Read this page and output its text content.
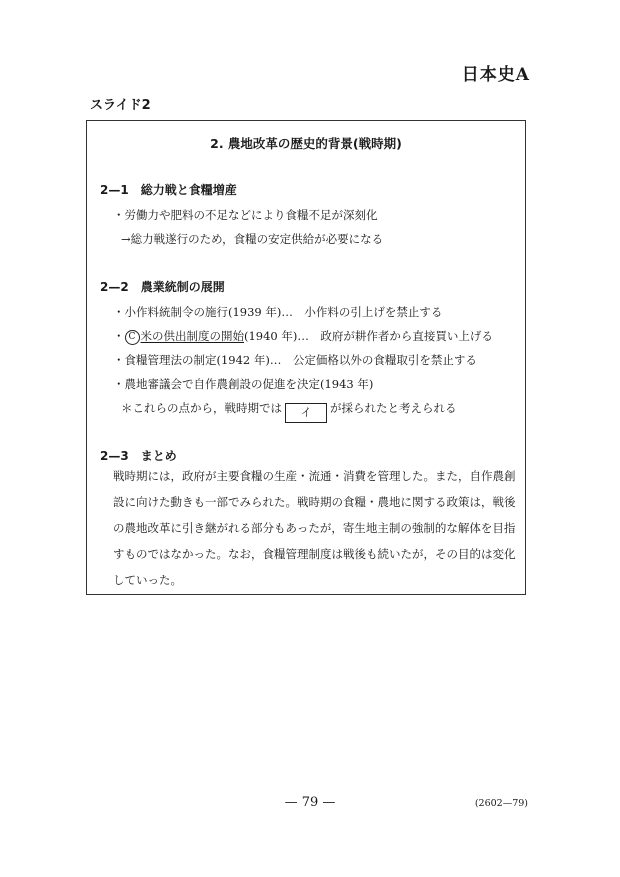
日本史A
スライド2
2. 農地改革の歴史的背景(戦時期)
2—1　総力戦と食糧増産
・労働力や肥料の不足などにより食糧不足が深刻化
→総力戦遂行のため，食糧の安定供給が必要になる
2—2　農業統制の展開
・小作料統制令の施行(1939 年)…　小作料の引上げを禁止する
・ C 米の供出制度の開始(1940 年)…　政府が耕作者から直接買い上げる
・食糧管理法の制定(1942 年)…　公定価格以外の食糧取引を禁止する
・農地審議会で自作農創設の促進を決定(1943 年)
＊これらの点から，戦時期では イ が採られたと考えられる
2—3　まとめ
戦時期には，政府が主要食糧の生産・流通・消費を管理した。また，自作農創設に向けた動きも一部でみられた。戦時期の食糧・農地に関する政策は，戦後の農地改革に引き継がれる部分もあったが，寄生地主制の強制的な解体を目指すものではなかった。なお，食糧管理制度は戦後も続いたが，その目的は変化していった。
— 79 —	(2602—79)
